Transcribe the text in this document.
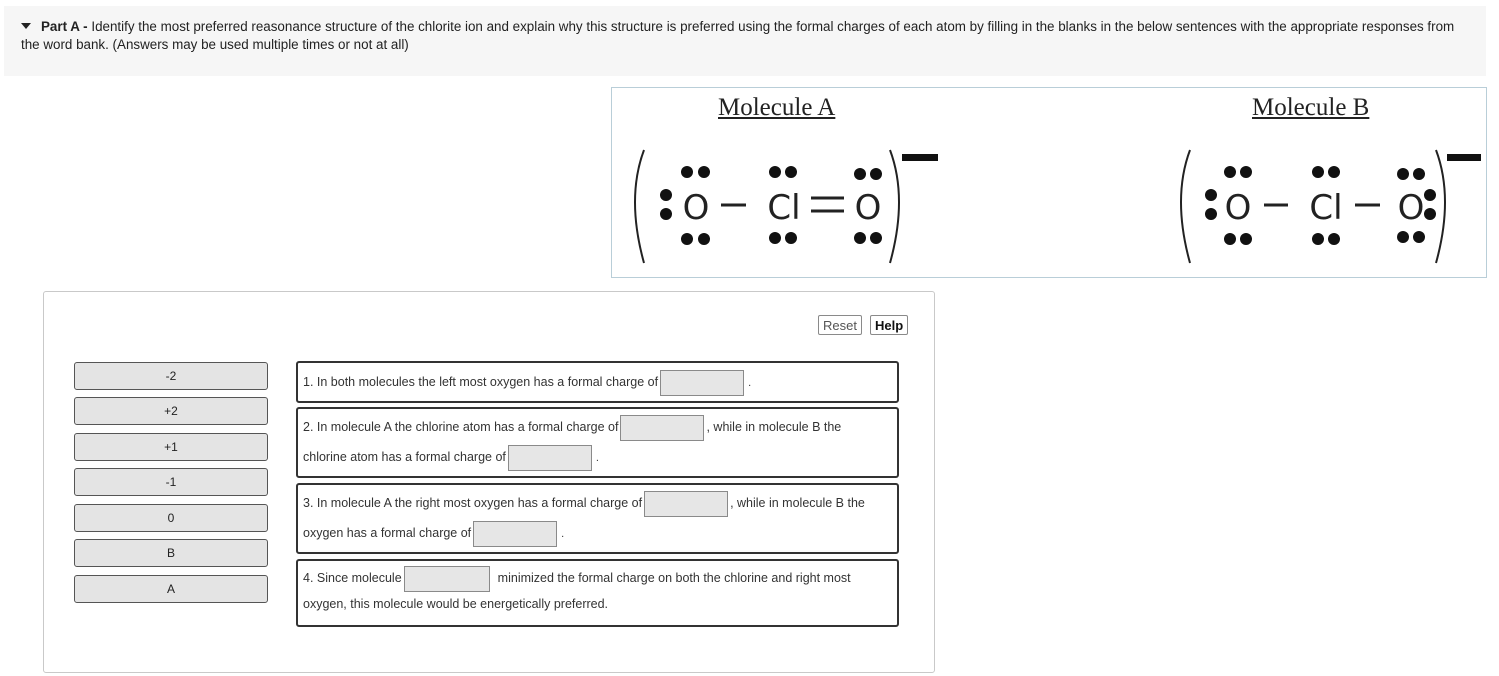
Part A - Identify the most preferred reasonance structure of the chlorite ion and explain why this structure is preferred using the formal charges of each atom by filling in the blanks in the below sentences with the appropriate responses from the word bank. (Answers may be used multiple times or not at all)
Molecule A	Molecule B
O Cl O	O Cl O
Reset	Help
-2
+2
+1
-1
0
B
A
1. In both molecules the left most oxygen has a formal charge of	.
2. In molecule A the chlorine atom has a formal charge of	, while in molecule B the
chlorine atom has a formal charge of	.
3. In molecule A the right most oxygen has a formal charge of	, while in molecule B the
oxygen has a formal charge of	.
4. Since molecule	minimized the formal charge on both the chlorine and right most
oxygen, this molecule would be energetically preferred.
